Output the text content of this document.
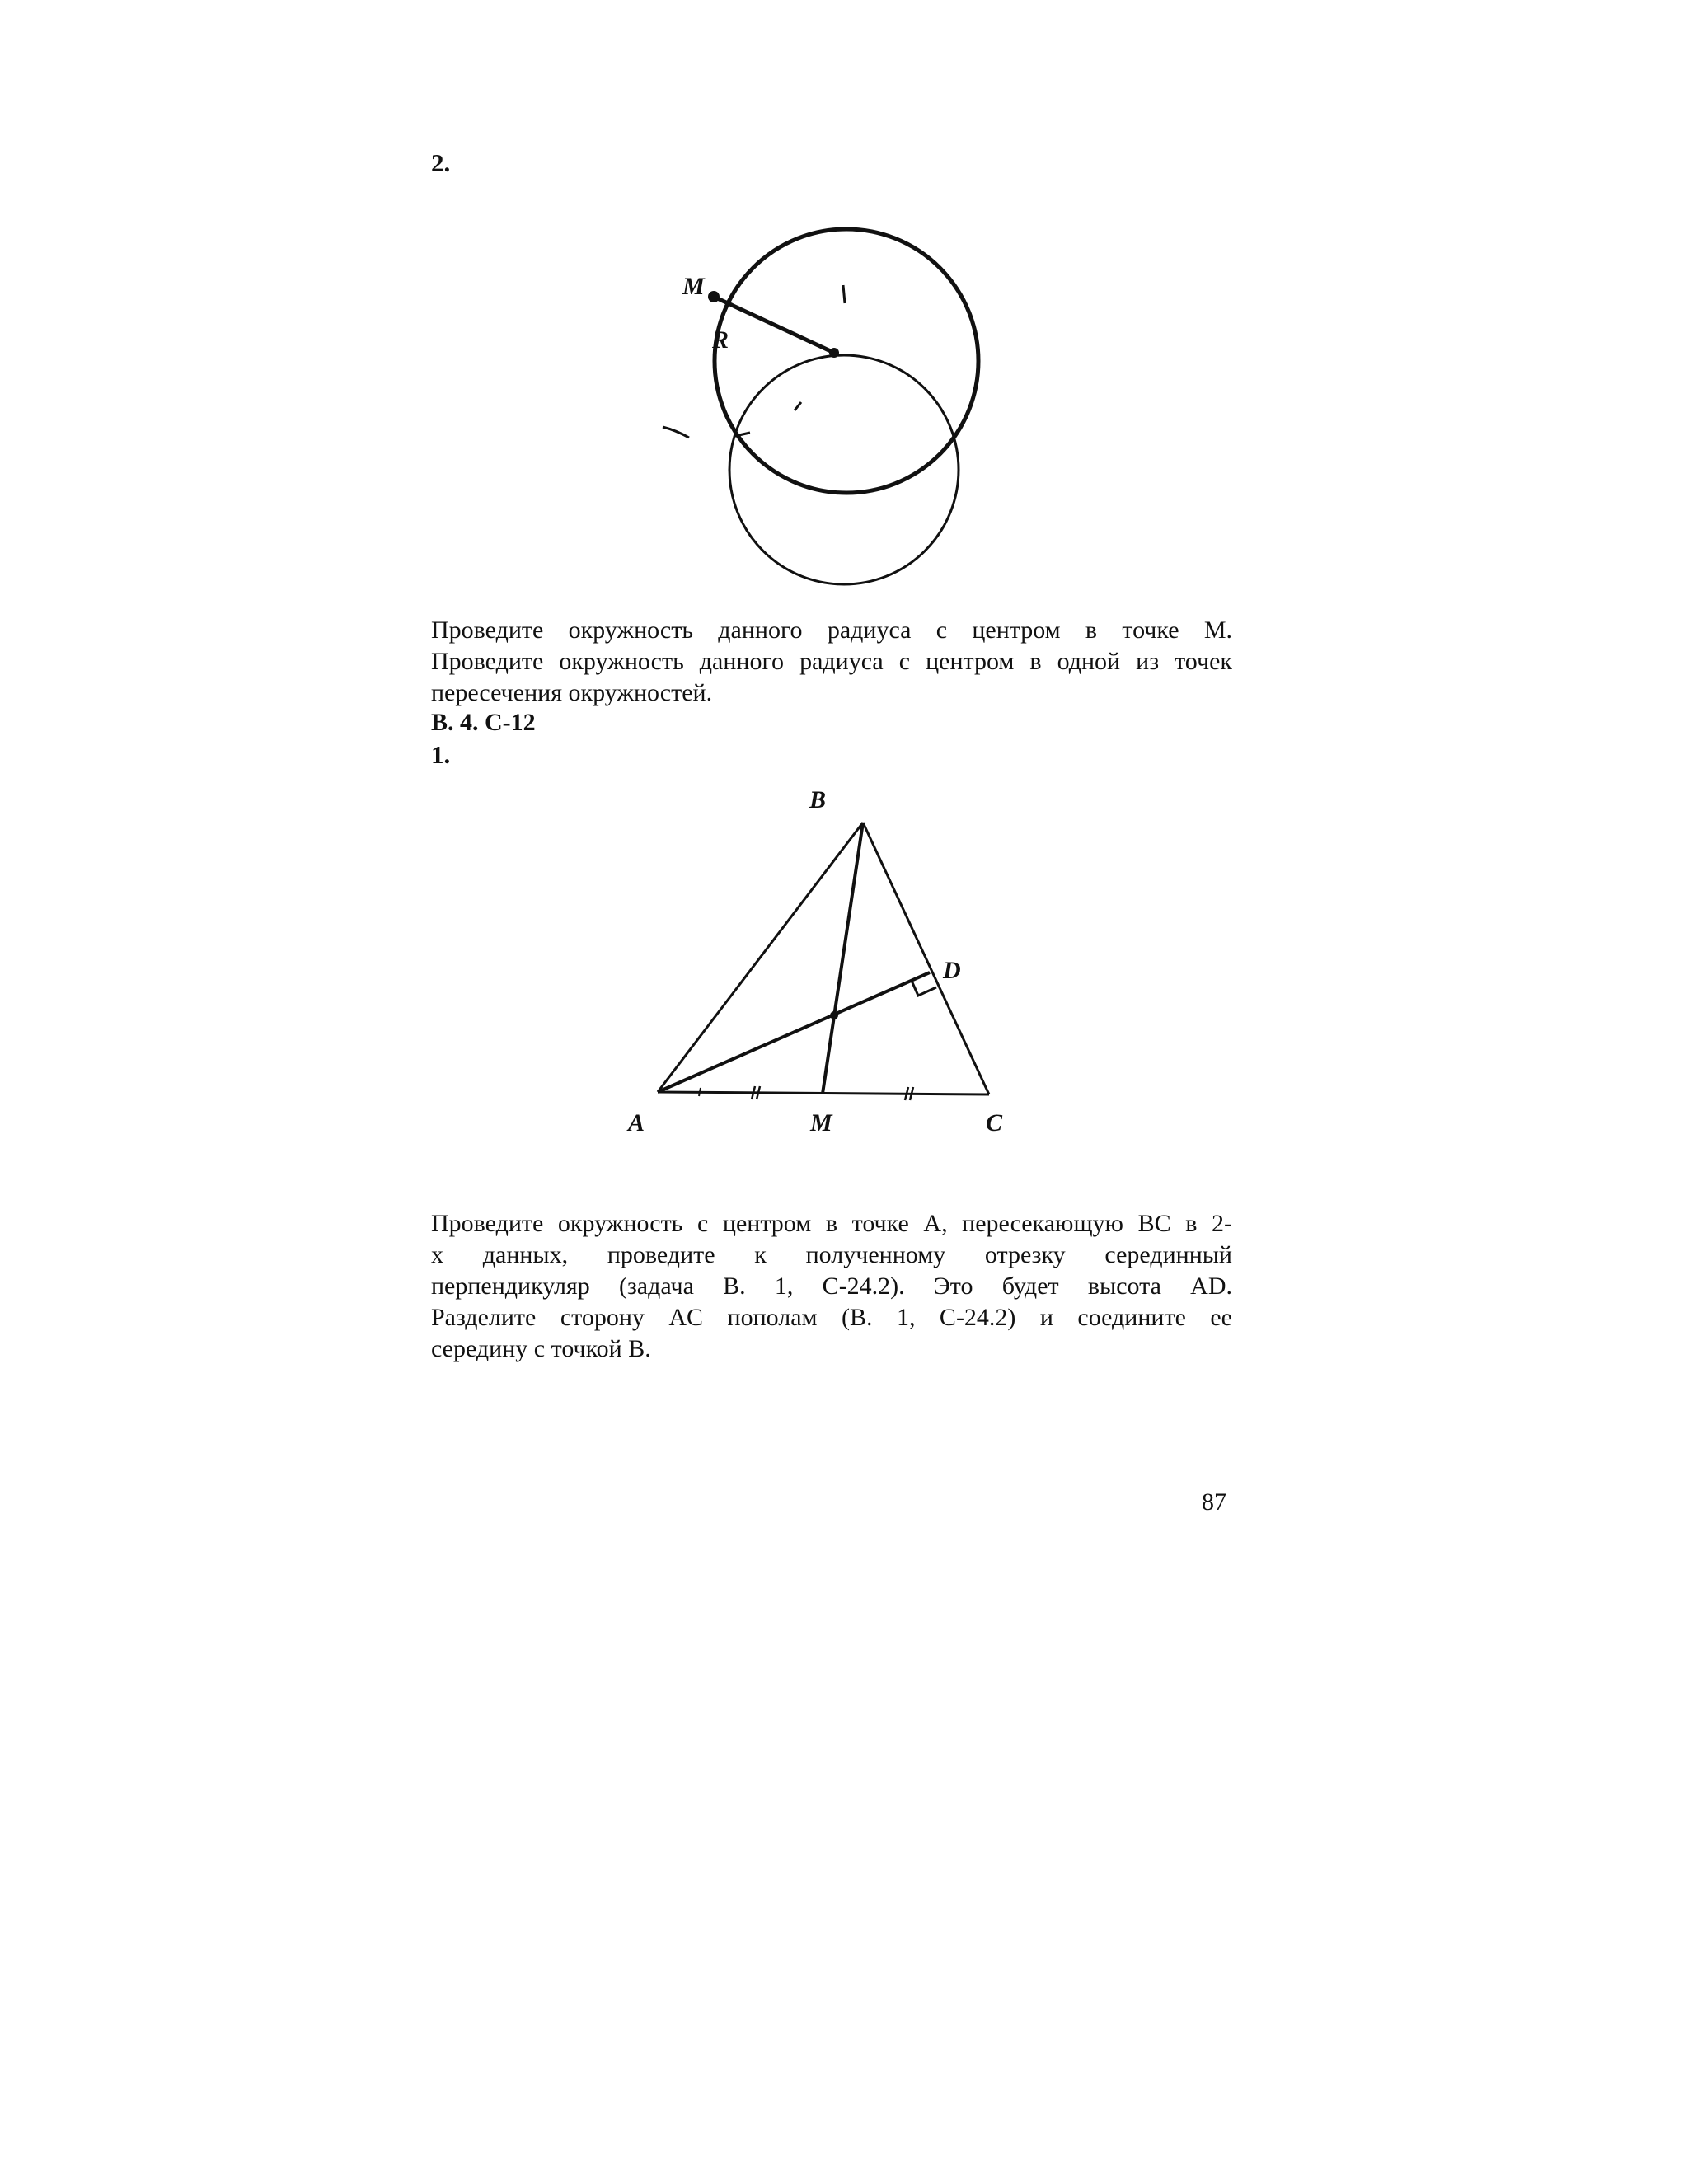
2.
M
R
Проведите окружность данного радиуса с центром в точке M.
Проведите окружность данного радиуса с центром в одной из точек
пересечения окружностей.
В. 4. С-12
1.
B
D
A	M	C
Проведите окружность с центром в точке A, пересекающую BC в 2-
х данных, проведите к полученному отрезку серединный
перпендикуляр (задача В. 1, С-24.2). Это будет высота AD.
Разделите сторону AC пополам (В. 1, С-24.2) и соедините ее
середину с точкой B.
87
